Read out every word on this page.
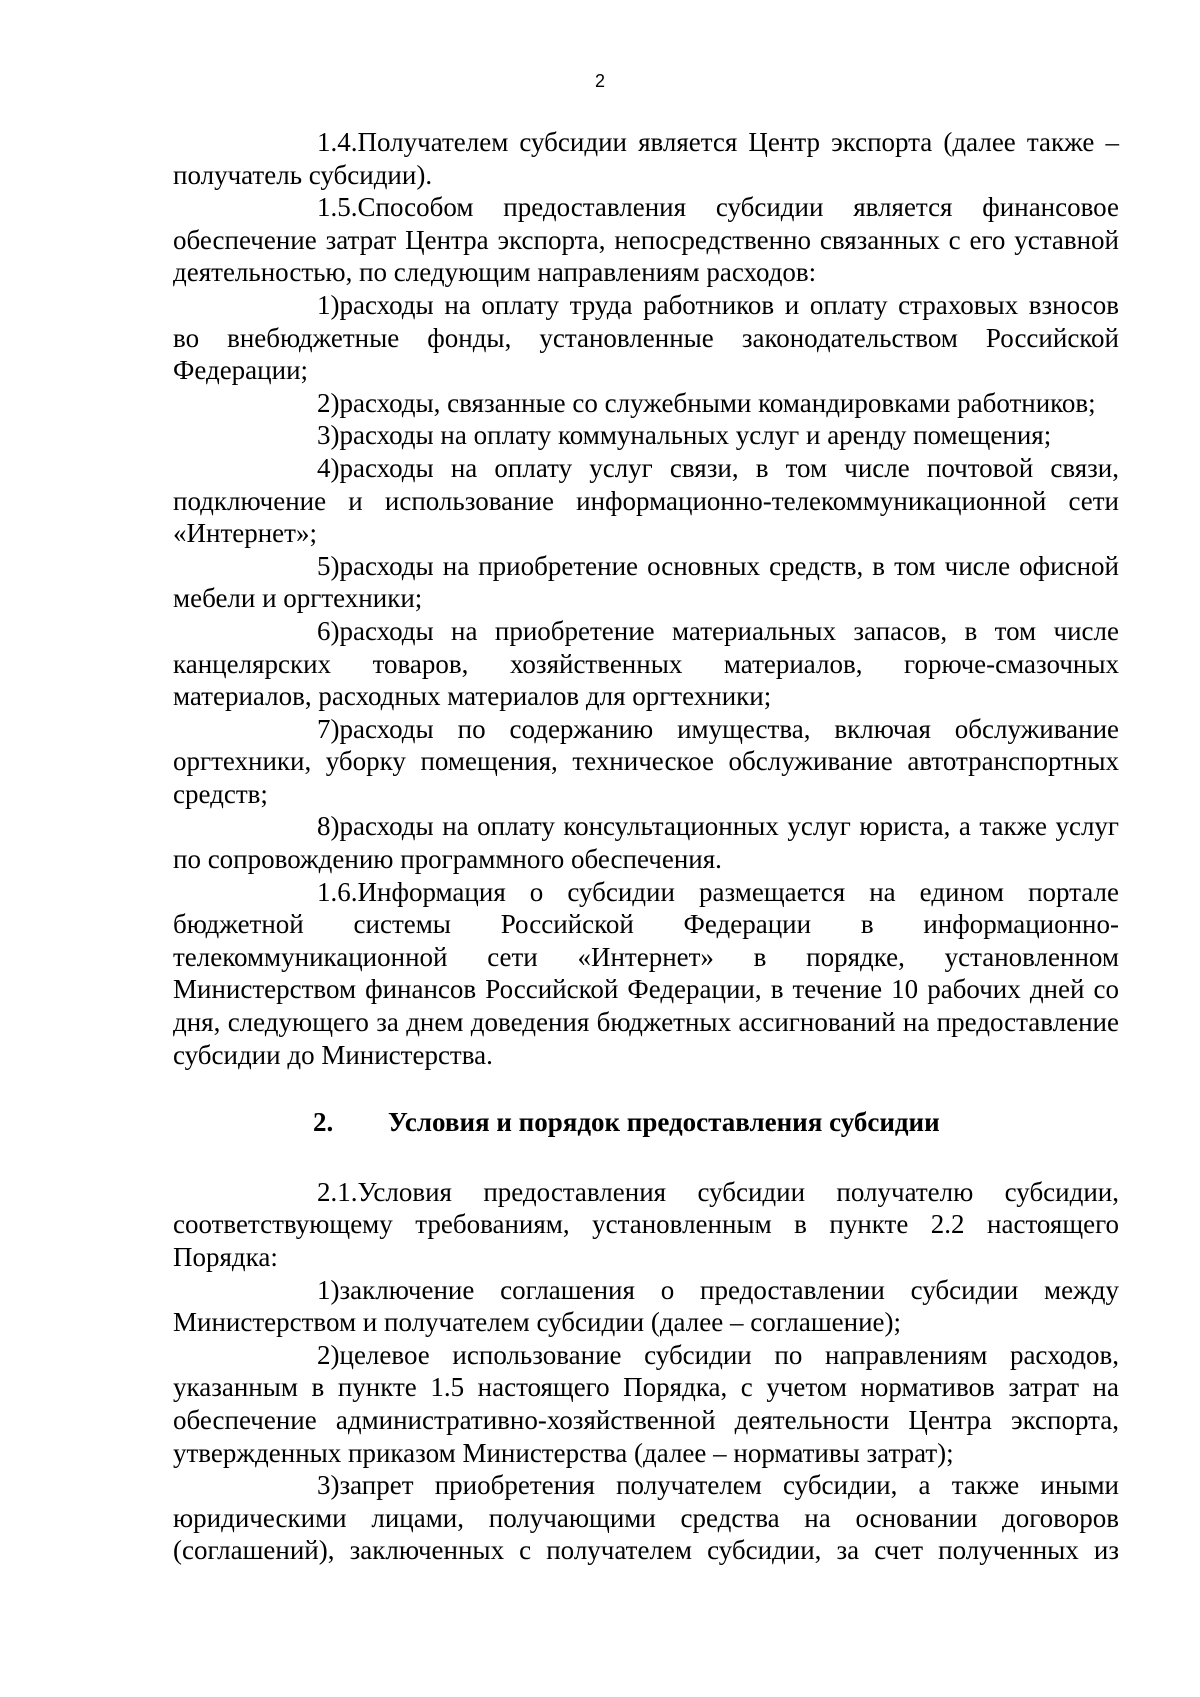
2

1.4.Получателем субсидии является Центр экспорта (далее также – получатель субсидии).

1.5.Способом предоставления субсидии является финансовое обеспечение затрат Центра экспорта, непосредственно связанных с его уставной деятельностью, по следующим направлениям расходов:

1)расходы на оплату труда работников и оплату страховых взносов во внебюджетные фонды, установленные законодательством Российской Федерации;

2)расходы, связанные со служебными командировками работников;

3)расходы на оплату коммунальных услуг и аренду помещения;

4)расходы на оплату услуг связи, в том числе почтовой связи, подключение и использование информационно-телекоммуникационной сети «Интернет»;

5)расходы на приобретение основных средств, в том числе офисной мебели и оргтехники;

6)расходы на приобретение материальных запасов, в том числе канцелярских товаров, хозяйственных материалов, горюче-смазочных материалов, расходных материалов для оргтехники;

7)расходы по содержанию имущества, включая обслуживание оргтехники, уборку помещения, техническое обслуживание автотранспортных средств;

8)расходы на оплату консультационных услуг юриста, а также услуг по сопровождению программного обеспечения.

1.6.Информация о субсидии размещается на едином портале бюджетной системы Российской Федерации в информационно-телекоммуникационной сети «Интернет» в порядке, установленном Министерством финансов Российской Федерации, в течение 10 рабочих дней со дня, следующего за днем доведения бюджетных ассигнований на предоставление субсидии до Министерства.

2. Условия и порядок предоставления субсидии

2.1.Условия предоставления субсидии получателю субсидии, соответствующему требованиям, установленным в пункте 2.2 настоящего Порядка:

1)заключение соглашения о предоставлении субсидии между Министерством и получателем субсидии (далее – соглашение);

2)целевое использование субсидии по направлениям расходов, указанным в пункте 1.5 настоящего Порядка, с учетом нормативов затрат на обеспечение административно-хозяйственной деятельности Центра экспорта, утвержденных приказом Министерства (далее – нормативы затрат);

3)запрет приобретения получателем субсидии, а также иными юридическими лицами, получающими средства на основании договоров (соглашений), заключенных с получателем субсидии, за счет полученных из
